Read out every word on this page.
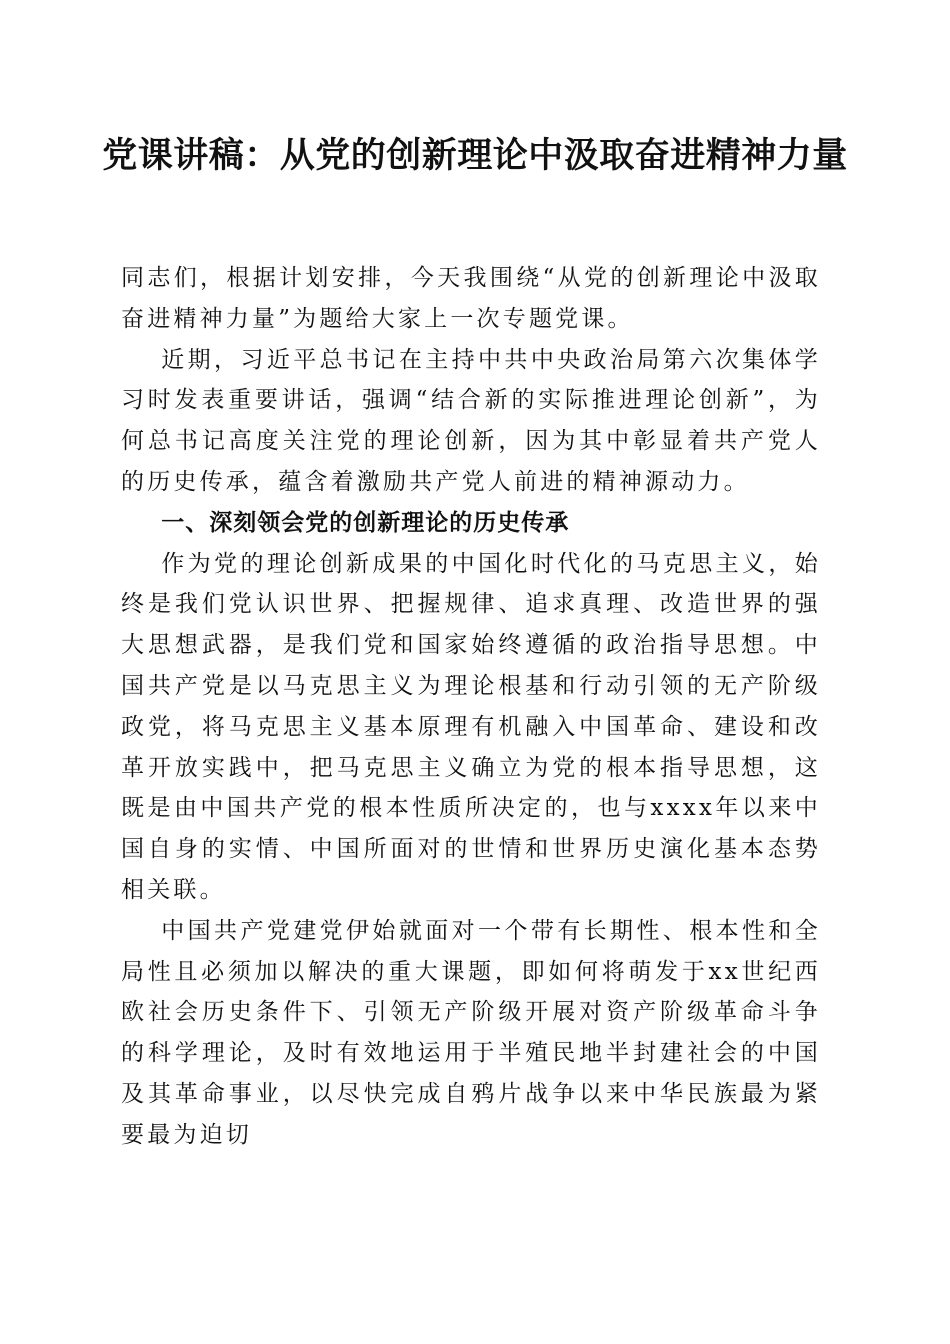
党课讲稿：从党的创新理论中汲取奋进精神力量

同志们，根据计划安排，今天我围绕“从党的创新理论中汲取奋进精神力量”为题给大家上一次专题党课。

近期，习近平总书记在主持中共中央政治局第六次集体学习时发表重要讲话，强调“结合新的实际推进理论创新”，为何总书记高度关注党的理论创新，因为其中彰显着共产党人的历史传承，蕴含着激励共产党人前进的精神源动力。

一、深刻领会党的创新理论的历史传承

作为党的理论创新成果的中国化时代化的马克思主义，始终是我们党认识世界、把握规律、追求真理、改造世界的强大思想武器，是我们党和国家始终遵循的政治指导思想。中国共产党是以马克思主义为理论根基和行动引领的无产阶级政党，将马克思主义基本原理有机融入中国革命、建设和改革开放实践中，把马克思主义确立为党的根本指导思想，这既是由中国共产党的根本性质所决定的，也与xxxx年以来中国自身的实情、中国所面对的世情和世界历史演化基本态势相关联。

中国共产党建党伊始就面对一个带有长期性、根本性和全局性且必须加以解决的重大课题，即如何将萌发于xx世纪西欧社会历史条件下、引领无产阶级开展对资产阶级革命斗争的科学理论，及时有效地运用于半殖民地半封建社会的中国及其革命事业，以尽快完成自鸦片战争以来中华民族最为紧要最为迫切
